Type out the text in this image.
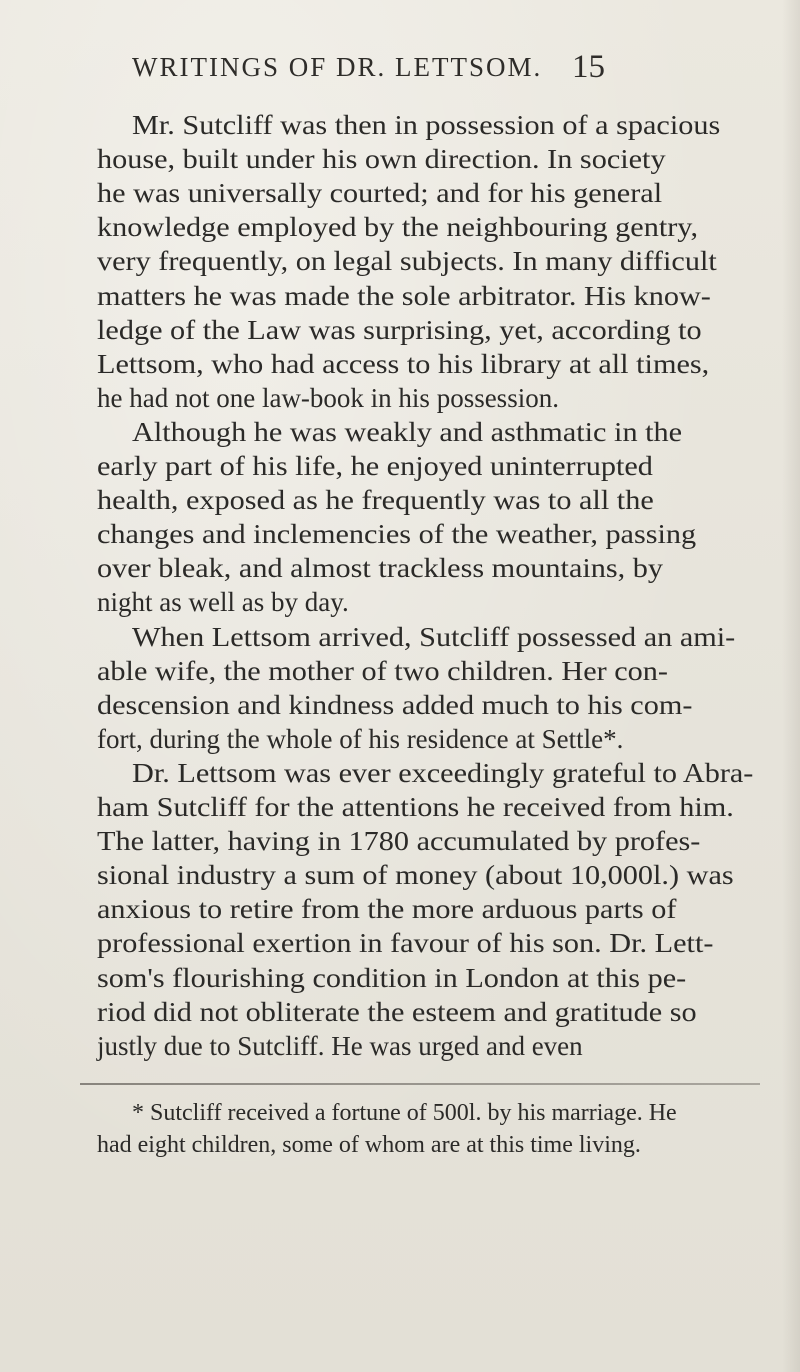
WRITINGS OF DR. LETTSOM. 15
Mr. Sutcliff was then in possession of a spacious
house, built under his own direction. In society
he was universally courted; and for his general
knowledge employed by the neighbouring gentry,
very frequently, on legal subjects. In many difficult
matters he was made the sole arbitrator. His know-
ledge of the Law was surprising, yet, according to
Lettsom, who had access to his library at all times,
he had not one law-book in his possession.
Although he was weakly and asthmatic in the
early part of his life, he enjoyed uninterrupted
health, exposed as he frequently was to all the
changes and inclemencies of the weather, passing
over bleak, and almost trackless mountains, by
night as well as by day.
When Lettsom arrived, Sutcliff possessed an ami-
able wife, the mother of two children. Her con-
descension and kindness added much to his com-
fort, during the whole of his residence at Settle*.
Dr. Lettsom was ever exceedingly grateful to Abra-
ham Sutcliff for the attentions he received from him.
The latter, having in 1780 accumulated by profes-
sional industry a sum of money (about 10,000l.) was
anxious to retire from the more arduous parts of
professional exertion in favour of his son. Dr. Lett-
som's flourishing condition in London at this pe-
riod did not obliterate the esteem and gratitude so
justly due to Sutcliff. He was urged and even
* Sutcliff received a fortune of 500l. by his marriage. He
had eight children, some of whom are at this time living.
